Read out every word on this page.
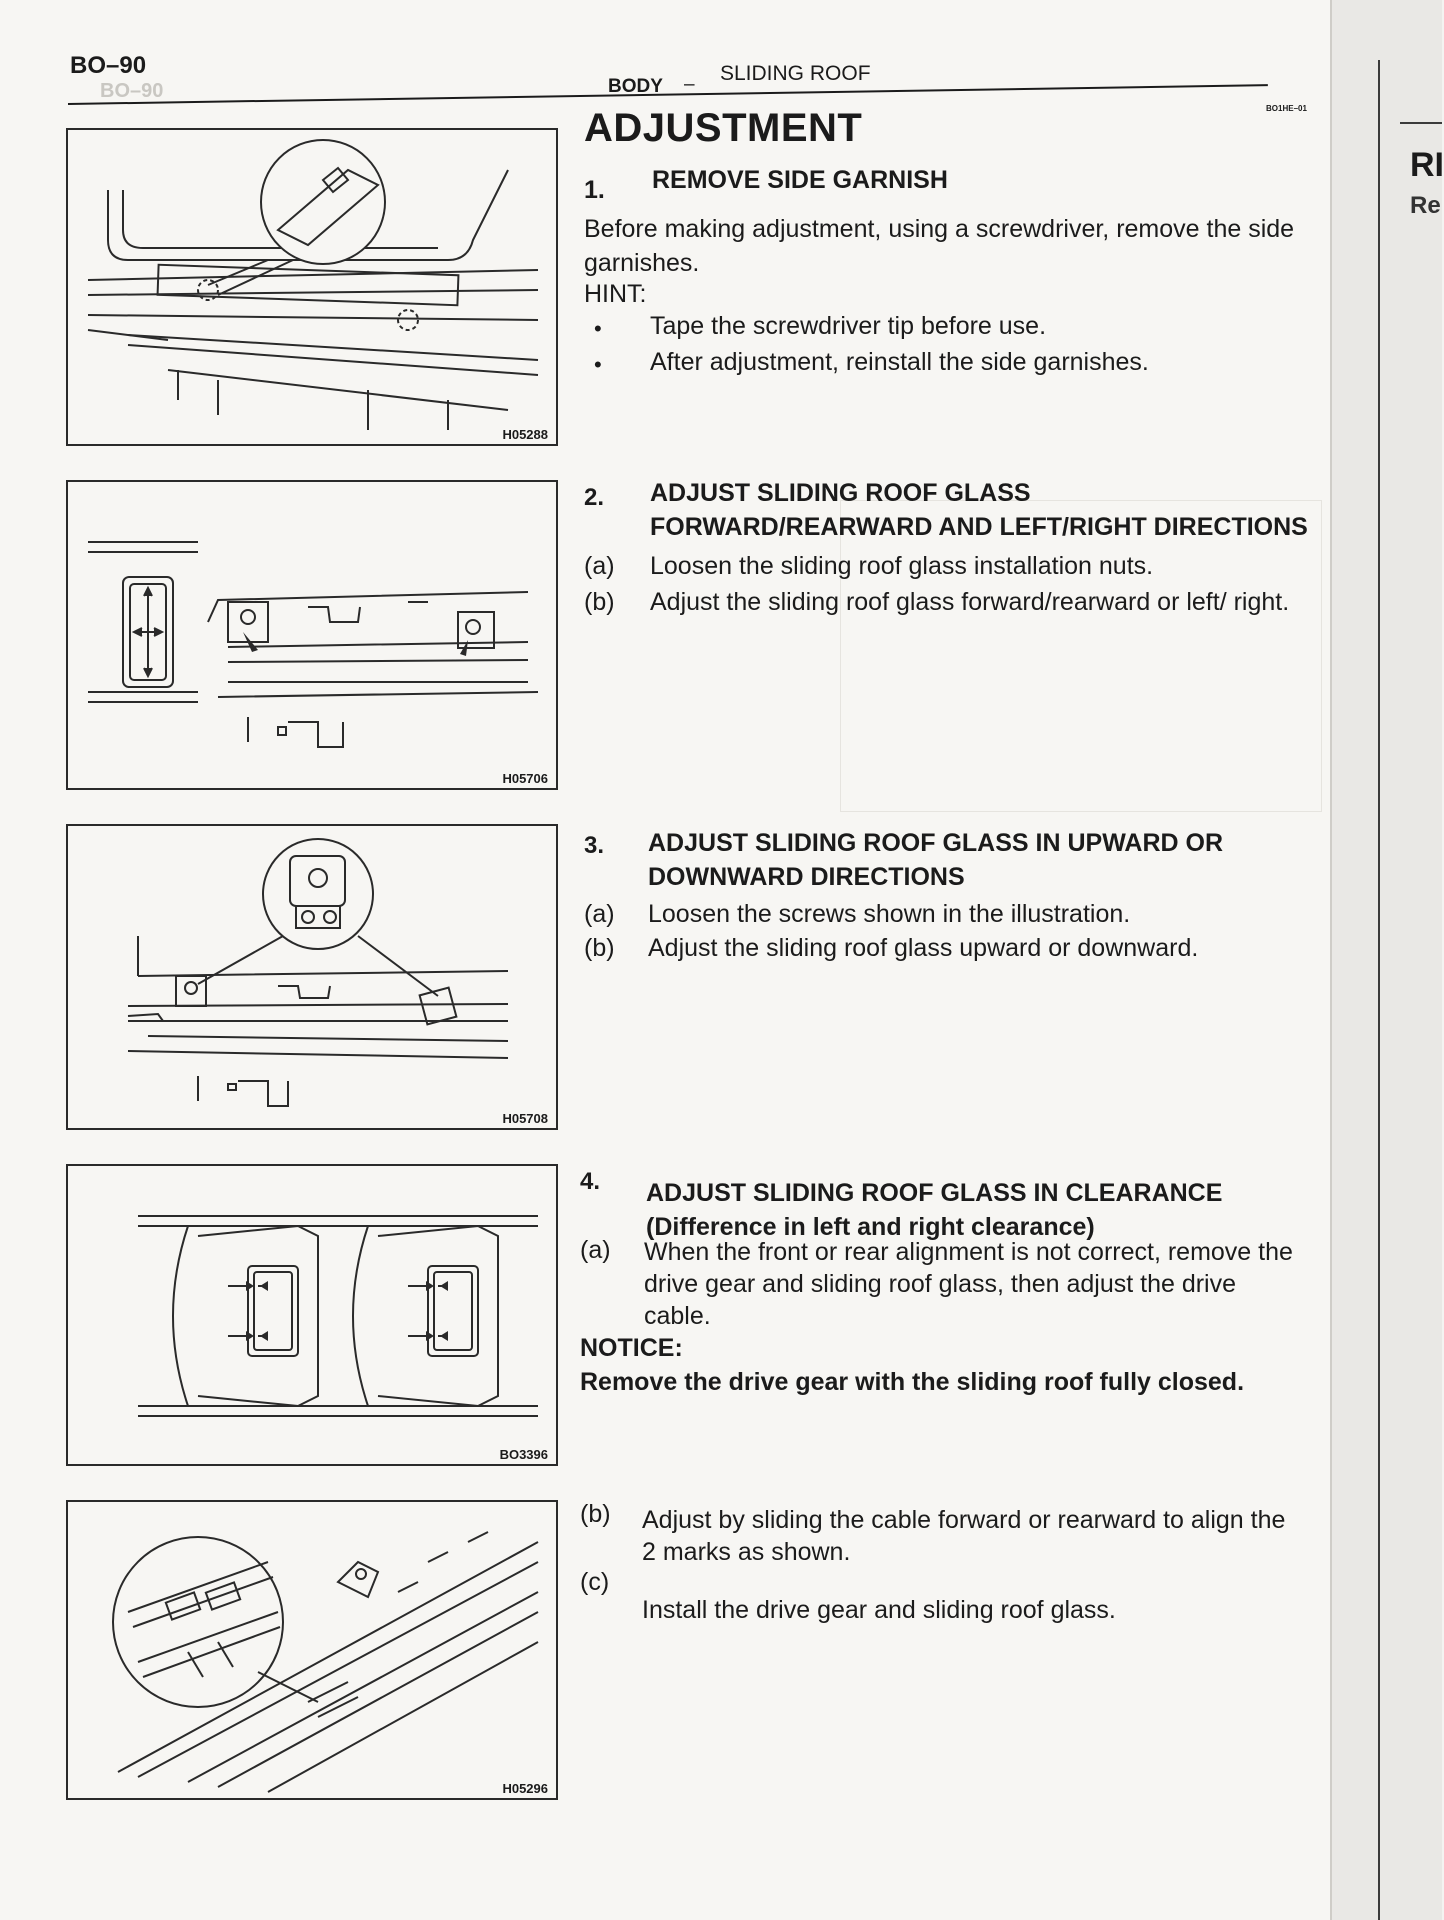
BO–90
BO–90	BODY – SLIDING ROOF
BO1HE–01
H05288
H05706
H05708
BO3396
H05296
ADJUSTMENT
1. REMOVE SIDE GARNISH
Before making adjustment, using a screwdriver, remove the side garnishes.
HINT:
• Tape the screwdriver tip before use.
• After adjustment, reinstall the side garnishes.
2. ADJUST SLIDING ROOF GLASS FORWARD/REARWARD AND LEFT/RIGHT DIRECTIONS
(a) Loosen the sliding roof glass installation nuts.
(b) Adjust the sliding roof glass forward/rearward or left/ right.
3. ADJUST SLIDING ROOF GLASS IN UPWARD OR DOWNWARD DIRECTIONS
(a) Loosen the screws shown in the illustration.
(b) Adjust the sliding roof glass upward or downward.
4. ADJUST SLIDING ROOF GLASS IN CLEARANCE
(Difference in left and right clearance)
(a) When the front or rear alignment is not correct, remove the drive gear and sliding roof glass, then adjust the drive cable.
NOTICE:
Remove the drive gear with the sliding roof fully closed.
(b) Adjust by sliding the cable forward or rearward to align the 2 marks as shown.
(c)
Install the drive gear and sliding roof glass.
RI
Re
